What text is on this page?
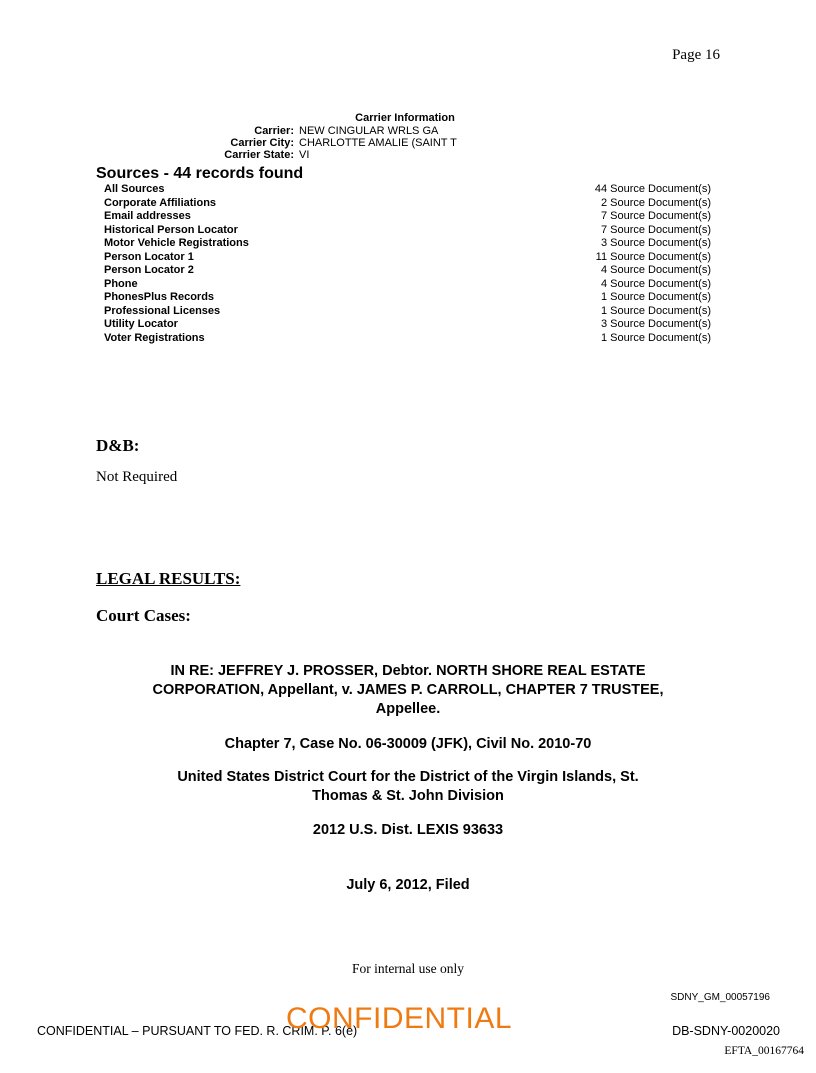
Page 16
Carrier Information
Carrier: NEW CINGULAR WRLS GA
Carrier City: CHARLOTTE AMALIE (SAINT T
Carrier State: VI
Sources - 44 records found
All Sources	44 Source Document(s)
Corporate Affiliations	2 Source Document(s)
Email addresses	7 Source Document(s)
Historical Person Locator	7 Source Document(s)
Motor Vehicle Registrations	3 Source Document(s)
Person Locator 1	11 Source Document(s)
Person Locator 2	4 Source Document(s)
Phone	4 Source Document(s)
PhonesPlus Records	1 Source Document(s)
Professional Licenses	1 Source Document(s)
Utility Locator	3 Source Document(s)
Voter Registrations	1 Source Document(s)
D&B:
Not Required
LEGAL RESULTS:
Court Cases:
IN RE: JEFFREY J. PROSSER, Debtor. NORTH SHORE REAL ESTATE CORPORATION, Appellant, v. JAMES P. CARROLL, CHAPTER 7 TRUSTEE, Appellee.
Chapter 7, Case No. 06-30009 (JFK), Civil No. 2010-70
United States District Court for the District of the Virgin Islands, St. Thomas & St. John Division
2012 U.S. Dist. LEXIS 93633
July 6, 2012, Filed
For internal use only
SDNY_GM_00057196
CONFIDENTIAL – PURSUANT TO FED. R. CRIM. P. 6(e)
CONFIDENTIAL	DB-SDNY-0020020
EFTA_00167764
